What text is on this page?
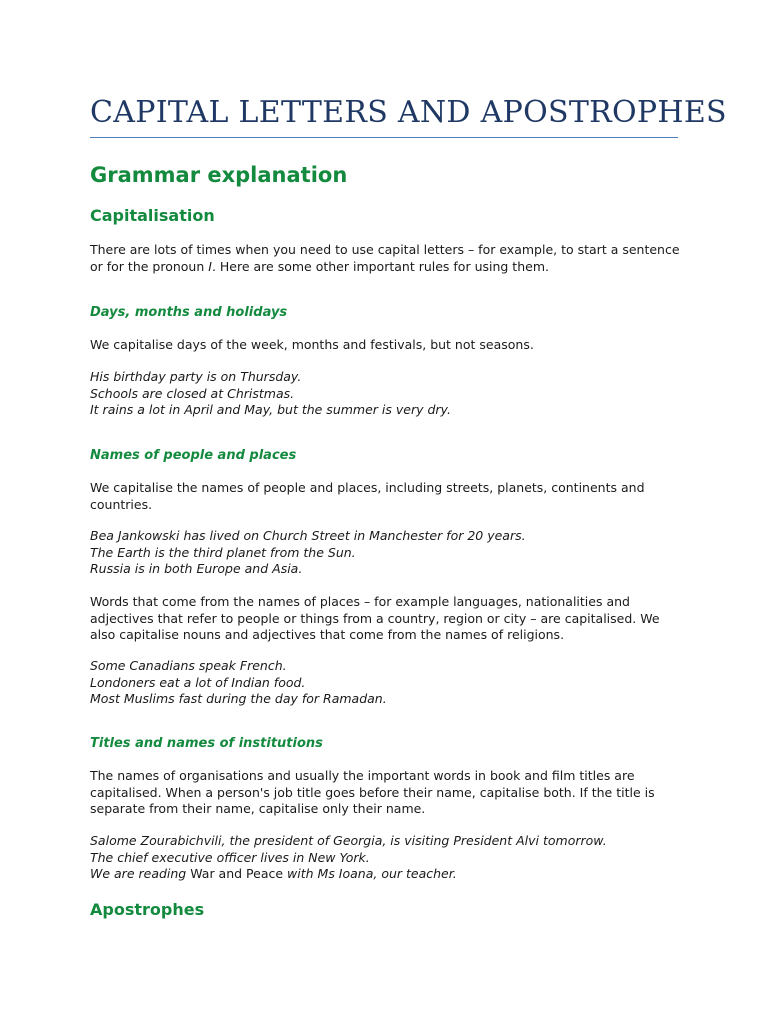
CAPITAL LETTERS AND APOSTROPHES
Grammar explanation
Capitalisation

There are lots of times when you need to use capital letters – for example, to start a sentence or for the pronoun I. Here are some other important rules for using them.

Days, months and holidays

We capitalise days of the week, months and festivals, but not seasons.

His birthday party is on Thursday.
Schools are closed at Christmas.
It rains a lot in April and May, but the summer is very dry.
Names of people and places

We capitalise the names of people and places, including streets, planets, continents and countries.

Bea Jankowski has lived on Church Street in Manchester for 20 years.
The Earth is the third planet from the Sun.
Russia is in both Europe and Asia.

Words that come from the names of places – for example languages, nationalities and adjectives that refer to people or things from a country, region or city – are capitalised. We also capitalise nouns and adjectives that come from the names of religions.

Some Canadians speak French.
Londoners eat a lot of Indian food.
Most Muslims fast during the day for Ramadan.
Titles and names of institutions

The names of organisations and usually the important words in book and film titles are capitalised. When a person's job title goes before their name, capitalise both. If the title is separate from their name, capitalise only their name.

Salome Zourabichvili, the president of Georgia, is visiting President Alvi tomorrow.
The chief executive officer lives in New York.
We are reading War and Peace with Ms Ioana, our teacher.
Apostrophes
